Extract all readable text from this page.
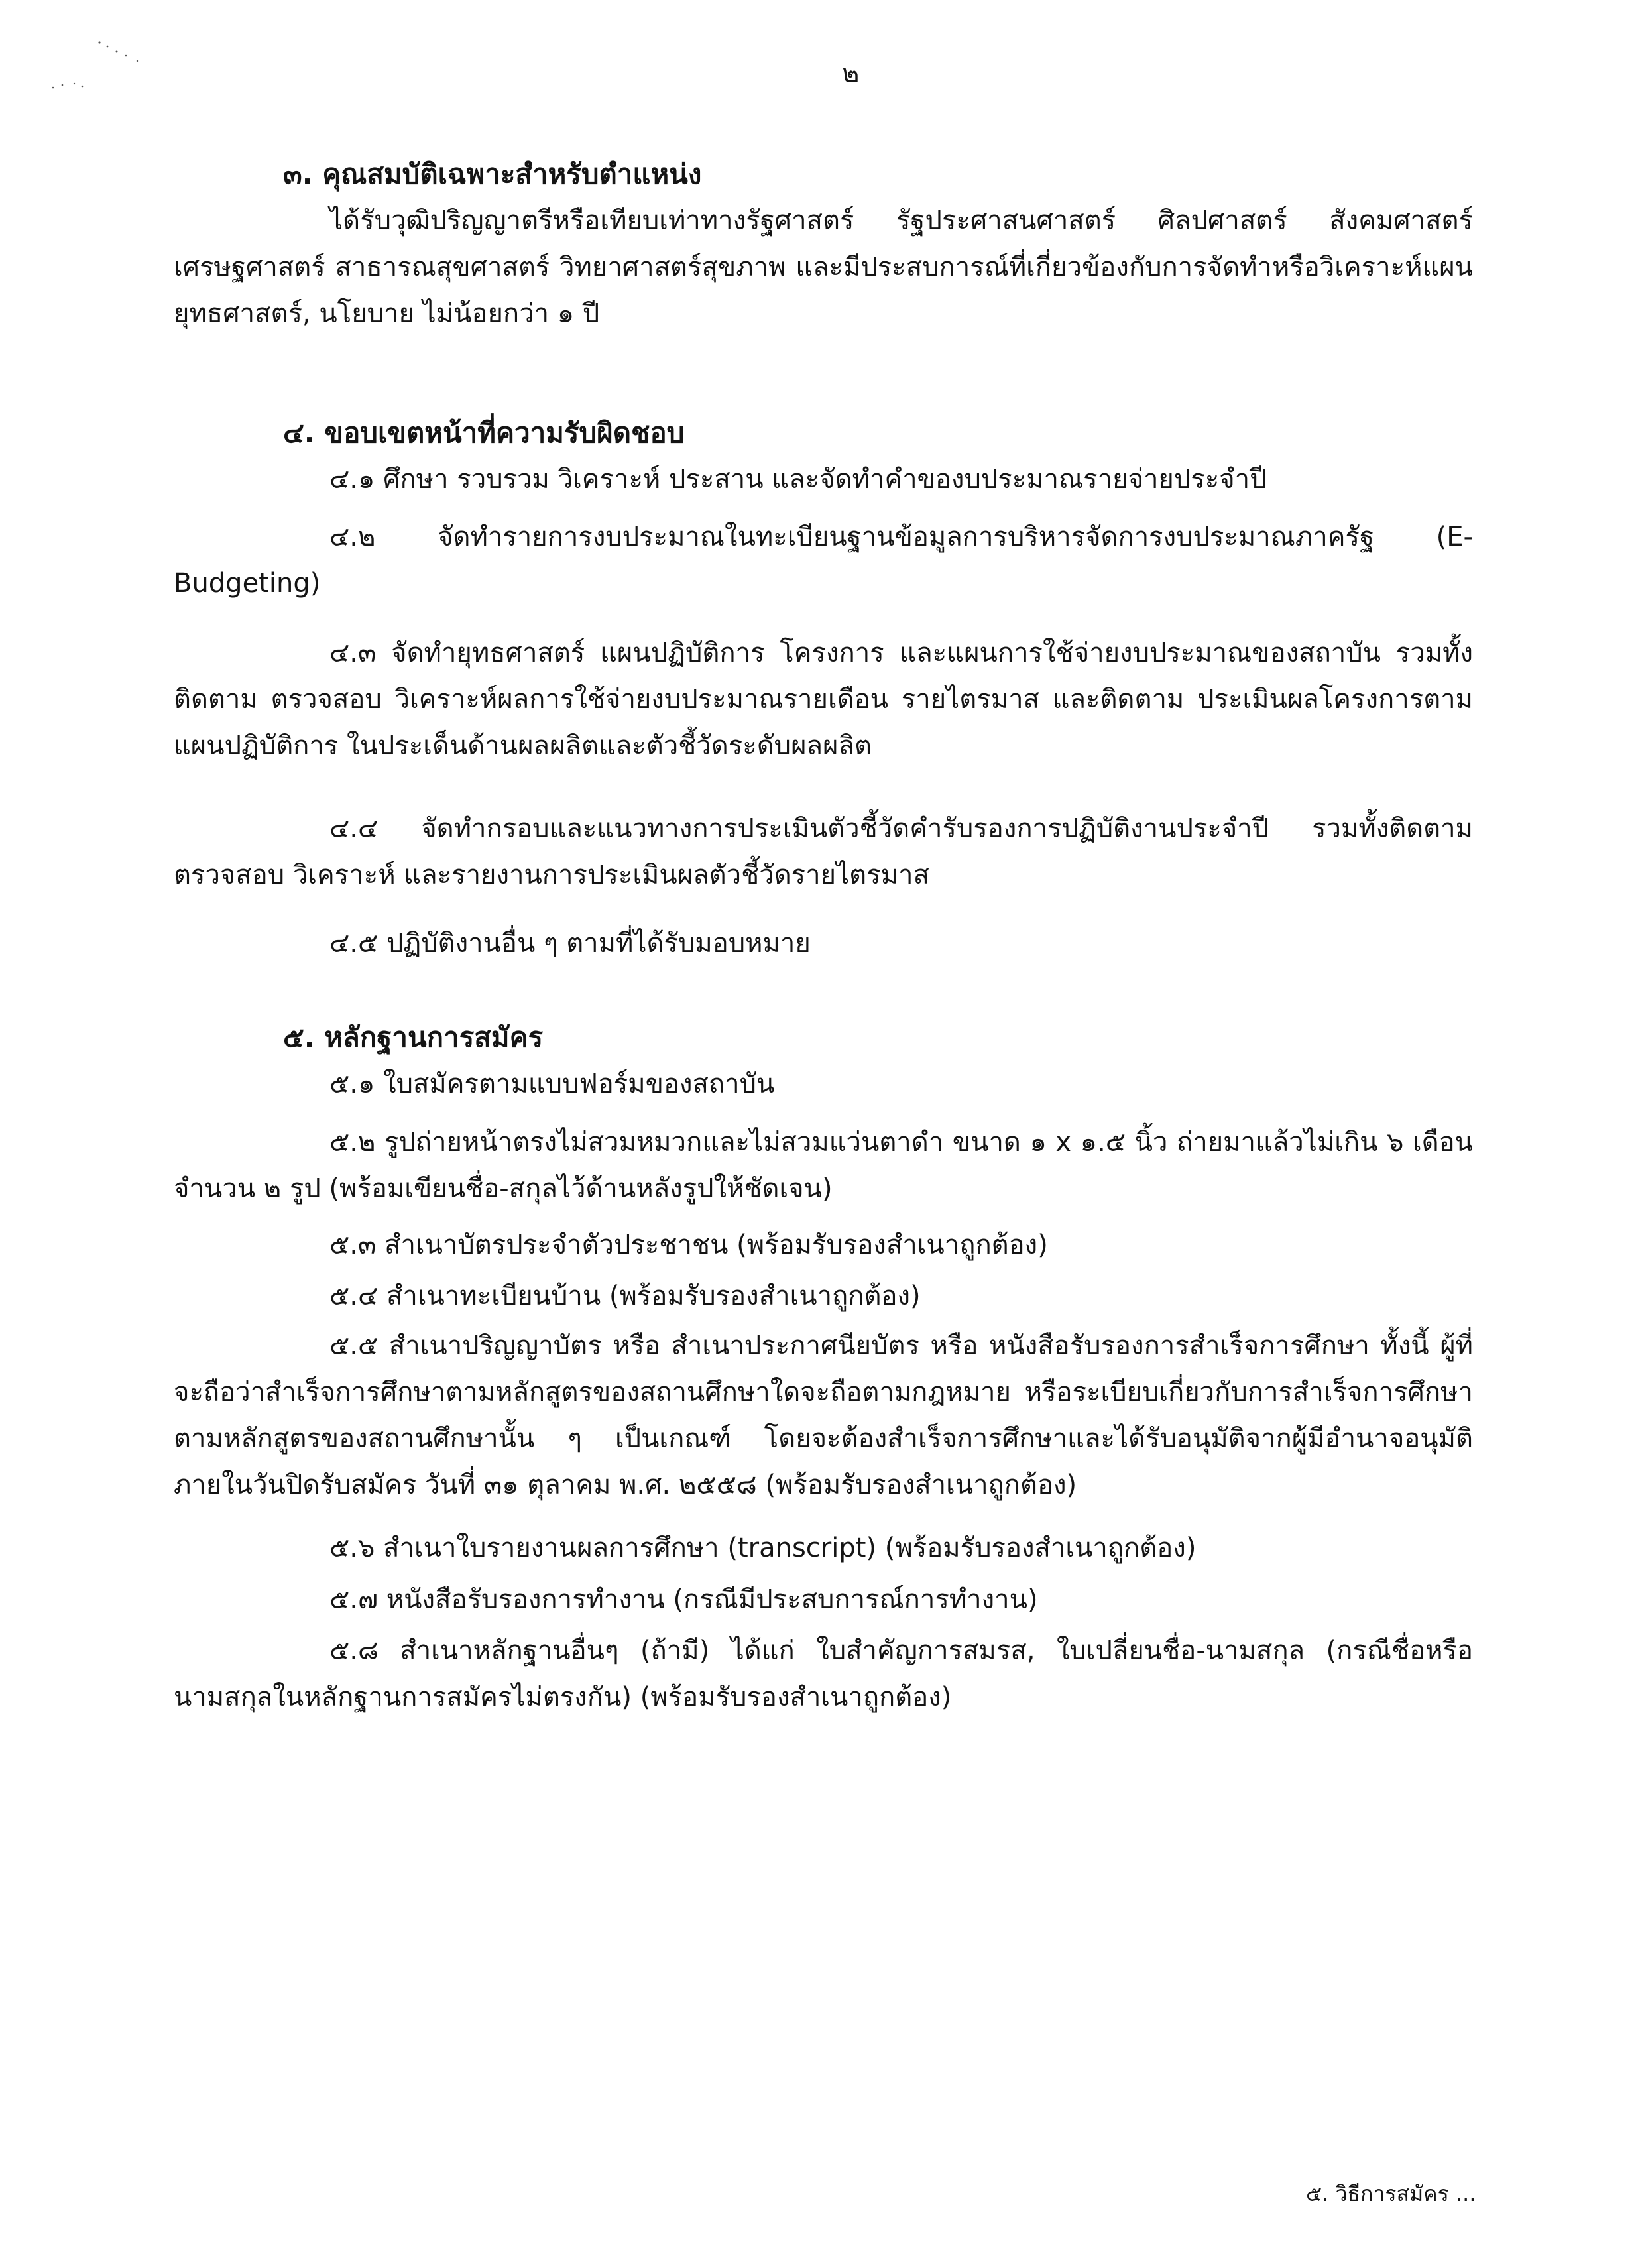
๒

๓. คุณสมบัติเฉพาะสำหรับตำแหน่ง

ได้รับวุฒิปริญญาตรีหรือเทียบเท่าทางรัฐศาสตร์ รัฐประศาสนศาสตร์ ศิลปศาสตร์ สังคมศาสตร์ เศรษฐศาสตร์ สาธารณสุขศาสตร์ วิทยาศาสตร์สุขภาพ และมีประสบการณ์ที่เกี่ยวข้องกับการจัดทำหรือวิเคราะห์แผนยุทธศาสตร์, นโยบาย ไม่น้อยกว่า ๑ ปี

๔. ขอบเขตหน้าที่ความรับผิดชอบ

๔.๑ ศึกษา รวบรวม วิเคราะห์ ประสาน และจัดทำคำของบประมาณรายจ่ายประจำปี

๔.๒ จัดทำรายการงบประมาณในทะเบียนฐานข้อมูลการบริหารจัดการงบประมาณภาครัฐ (E-Budgeting)

๔.๓ จัดทำยุทธศาสตร์ แผนปฏิบัติการ โครงการ และแผนการใช้จ่ายงบประมาณของสถาบัน รวมทั้งติดตาม ตรวจสอบ วิเคราะห์ผลการใช้จ่ายงบประมาณรายเดือน รายไตรมาส และติดตาม ประเมินผลโครงการตามแผนปฏิบัติการ ในประเด็นด้านผลผลิตและตัวชี้วัดระดับผลผลิต

๔.๔ จัดทำกรอบและแนวทางการประเมินตัวชี้วัดคำรับรองการปฏิบัติงานประจำปี รวมทั้งติดตาม ตรวจสอบ วิเคราะห์ และรายงานการประเมินผลตัวชี้วัดรายไตรมาส

๔.๕ ปฏิบัติงานอื่น ๆ ตามที่ได้รับมอบหมาย

๕. หลักฐานการสมัคร

๕.๑ ใบสมัครตามแบบฟอร์มของสถาบัน

๕.๒ รูปถ่ายหน้าตรงไม่สวมหมวกและไม่สวมแว่นตาดำ ขนาด ๑ x ๑.๕ นิ้ว ถ่ายมาแล้วไม่เกิน ๖ เดือน จำนวน ๒ รูป (พร้อมเขียนชื่อ-สกุลไว้ด้านหลังรูปให้ชัดเจน)

๕.๓ สำเนาบัตรประจำตัวประชาชน (พร้อมรับรองสำเนาถูกต้อง)

๕.๔ สำเนาทะเบียนบ้าน (พร้อมรับรองสำเนาถูกต้อง)

๕.๕ สำเนาปริญญาบัตร หรือ สำเนาประกาศนียบัตร หรือ หนังสือรับรองการสำเร็จการศึกษา ทั้งนี้ ผู้ที่จะถือว่าสำเร็จการศึกษาตามหลักสูตรของสถานศึกษาใดจะถือตามกฎหมาย หรือระเบียบเกี่ยวกับการสำเร็จการศึกษาตามหลักสูตรของสถานศึกษานั้น ๆ เป็นเกณฑ์ โดยจะต้องสำเร็จการศึกษาและได้รับอนุมัติจากผู้มีอำนาจอนุมัติภายในวันปิดรับสมัคร วันที่ ๓๑ ตุลาคม พ.ศ. ๒๕๕๘ (พร้อมรับรองสำเนาถูกต้อง)

๕.๖ สำเนาใบรายงานผลการศึกษา (transcript) (พร้อมรับรองสำเนาถูกต้อง)

๕.๗ หนังสือรับรองการทำงาน (กรณีมีประสบการณ์การทำงาน)

๕.๘ สำเนาหลักฐานอื่นๆ (ถ้ามี) ได้แก่ ใบสำคัญการสมรส, ใบเปลี่ยนชื่อ-นามสกุล (กรณีชื่อหรือนามสกุลในหลักฐานการสมัครไม่ตรงกัน) (พร้อมรับรองสำเนาถูกต้อง)

๕. วิธีการสมัคร ...
